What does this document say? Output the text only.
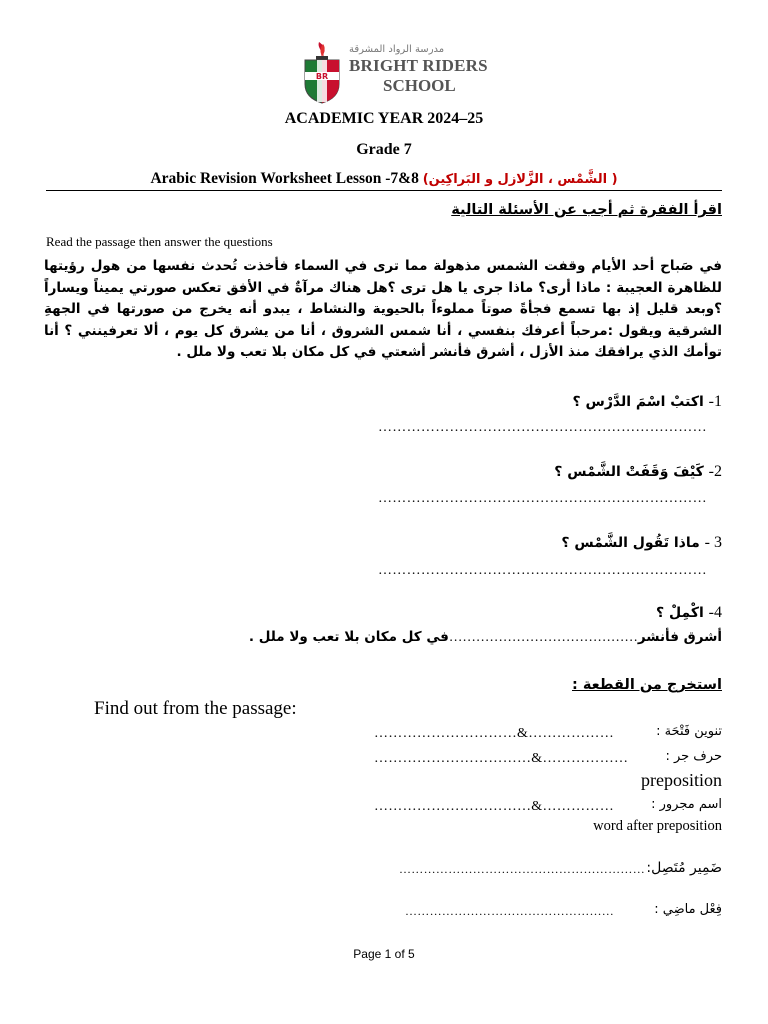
BR
مدرسة الرواد المشرقة
BRIGHT RIDERS
SCHOOL
ACADEMIC YEAR 2024–25
Grade 7
Arabic Revision Worksheet Lesson -7&8 ( الشَّمْس ، الزَّلازل و البَراكِين)
اقرأ الفقرة ثم أجب عن الأسئلة التالية
Read the passage then answer the questions
في صَباح أحد الأيام وقفت الشمس مذهولة مما ترى في السماء فأخذت تُحدث نفسها من هول رؤيتها للظاهرة العجيبة : ماذا أرى؟ ماذا جرى يا هل ترى ؟هل هناك مرآةٌ في الأفق تعكس صورتي يميناً ويساراً ؟وبعد قليل إذ بها تسمع فجأةً صوتاً مملوءاً بالحيوية والنشاط ، يبدو أنه يخرج من صورتها في الجهةِ الشرقية ويقول :مرحباً أعرفك بنفسي ، أنا شمس الشروق ، أنا من يشرق كل يوم ، ألا تعرفينني ؟ أنا توأمك الذي يرافقك منذ الأزل ، أشرق فأنشر أشعتي في كل مكان بلا تعب ولا ملل .
1- اكتبْ اسْمَ الدَّرْس ؟
……………………………………………………………
2- كَيْفَ وَقَفَتْ الشَّمْس ؟
……………………………………………………………
3 - ماذا تَقُول الشَّمْس ؟
……………………………………………………………
4- اكْمِلْ ؟
أشرق فأنشر……………………………………في كل مكان بلا تعب ولا ملل .
استخرج من القطعة :
Find out from the passage:
تنوين فَتْحَة :
…………………………&………………
حرف جر :
……………………………&………………
preposition
اسم مجرور :
……………………………&……………
word after preposition
ضَمِير مُتَصِل:
……………………………………………………
فِعْل ماضِي :
……………………………………………
Page 1 of 5
